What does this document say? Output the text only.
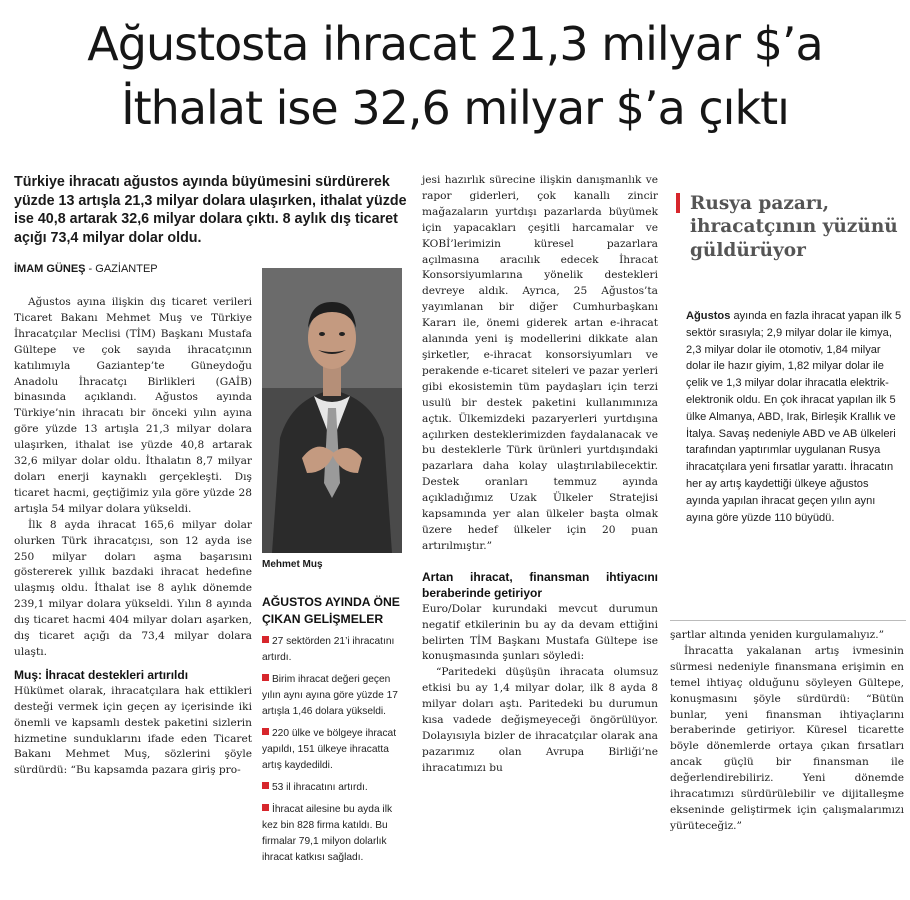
Ağustosta ihracat 21,3 milyar $’a
İthalat ise 32,6 milyar $’a çıktı

Türkiye ihracatı ağustos ayında büyümesini sürdürerek yüzde 13 artışla 21,3 milyar dolara ulaşırken, ithalat yüzde ise 40,8 artarak 32,6 milyar dolara çıktı. 8 aylık dış ticaret açığı 73,4 milyar dolar oldu.

İMAM GÜNEŞ - GAZİANTEP

Ağustos ayına ilişkin dış ticaret verileri Ticaret Bakanı Mehmet Muş ve Türkiye İhracatçılar Meclisi (TİM) Başkanı Mustafa Gültepe ve çok sayıda ihracatçının katılımıyla Gaziantep’te Güneydoğu Anadolu İhracatçı Birlikleri (GAİB) binasında açıklandı. Ağustos ayında Türkiye’nin ihracatı bir önceki yılın ayına göre yüzde 13 artışla 21,3 milyar dolara ulaşırken, ithalat ise yüzde 40,8 artarak 32,6 milyar dolar oldu. İthalatın 8,7 milyar doları enerji kaynaklı gerçekleşti. Dış ticaret hacmi, geçtiğimiz yıla göre yüzde 28 artışla 54 milyar dolara yükseldi.

İlk 8 ayda ihracat 165,6 milyar dolar olurken Türk ihracatçısı, son 12 ayda ise 250 milyar doları aşma başarısını göstererek yıllık bazdaki ihracat hedefine ulaşmış oldu. İthalat ise 8 aylık dönemde 239,1 milyar dolara yükseldi. Yılın 8 ayında dış ticaret hacmi 404 milyar doları aşarken, dış ticaret açığı da 73,4 milyar dolara ulaştı.

Muş: İhracat destekleri artırıldı

Hükümet olarak, ihracatçılara hak ettikleri desteği vermek için geçen ay içerisinde iki önemli ve kapsamlı destek paketini sizlerin hizmetine sunduklarını ifade eden Ticaret Bakanı Mehmet Muş, sözlerini şöyle sürdürdü: “Bu kapsamda pazara giriş pro-

Mehmet Muş
AĞUSTOS AYINDA ÖNE ÇIKAN GELİŞMELER
27 sektörden 21’i ihracatını artırdı.
Birim ihracat değeri geçen yılın aynı ayına göre yüzde 17 artışla 1,46 dolara yükseldi.
220 ülke ve bölgeye ihracat yapıldı, 151 ülkeye ihracatta artış kaydedildi.
53 il ihracatını artırdı.
İhracat ailesine bu ayda ilk kez bin 828 firma katıldı. Bu firmalar 79,1 milyon dolarlık ihracat katkısı sağladı.

jesi hazırlık sürecine ilişkin danışmanlık ve rapor giderleri, çok kanallı zincir mağazaların yurtdışı pazarlarda büyümek için yapacakları çeşitli harcamalar ve KOBİ’lerimizin küresel pazarlara açılmasına aracılık edecek İhracat Konsorsiyumlarına yönelik destekleri devreye aldık. Ayrıca, 25 Ağustos’ta yayımlanan bir diğer Cumhurbaşkanı Kararı ile, önemi giderek artan e-ihracat alanında yeni iş modellerini dikkate alan şirketler, e-ihracat konsorsiyumları ve perakende e-ticaret siteleri ve pazar yerleri gibi ekosistemin tüm paydaşları için terzi usulü bir destek paketini kullanımınıza açtık. Ülkemizdeki pazaryerleri yurtdışına açılırken desteklerimizden faydalanacak ve bu desteklerle Türk ürünleri yurtdışındaki pazarlara daha kolay ulaştırılabilecektir. Destek oranları temmuz ayında açıkladığımız Uzak Ülkeler Stratejisi kapsamında yer alan ülkeler başta olmak üzere hedef ülkeler için 20 puan artırılmıştır.”

Artan ihracat, finansman ihtiyacını beraberinde getiriyor

Euro/Dolar kurundaki mevcut durumun negatif etkilerinin bu ay da devam ettiğini belirten TİM Başkanı Mustafa Gültepe ise konuşmasında şunları söyledi:

“Paritedeki düşüşün ihracata olumsuz etkisi bu ay 1,4 milyar dolar, ilk 8 ayda 8 milyar doları aştı. Paritedeki bu durumun kısa vadede değişmeyeceği öngörülüyor. Dolayısıyla bizler de ihracatçılar olarak ana pazarımız olan Avrupa Birliği’ne ihracatımızı bu

Rusya pazarı, ihracatçının yüzünü güldürüyor

Ağustos ayında en fazla ihracat yapan ilk 5 sektör sırasıyla; 2,9 milyar dolar ile kimya, 2,3 milyar dolar ile otomotiv, 1,84 milyar dolar ile hazır giyim, 1,82 milyar dolar ile çelik ve 1,3 milyar dolar ihracatla elektrik-elektronik oldu. En çok ihracat yapılan ilk 5 ülke Almanya, ABD, Irak, Birleşik Krallık ve İtalya. Savaş nedeniyle ABD ve AB ülkeleri tarafından yaptırımlar uygulanan Rusya ihracatçılara yeni fırsatlar yarattı. İhracatın her ay artış kaydettiği ülkeye ağustos ayında yapılan ihracat geçen yılın aynı ayına göre yüzde 110 büyüdü.

şartlar altında yeniden kurgulamalıyız.”

İhracatta yakalanan artış ivmesinin sürmesi nedeniyle finansmana erişimin en temel ihtiyaç olduğunu söyleyen Gültepe, konuşmasını şöyle sürdürdü: “Bütün bunlar, yeni finansman ihtiyaçlarını beraberinde getiriyor. Küresel ticarette böyle dönemlerde ortaya çıkan fırsatları ancak güçlü bir finansman ile değerlendirebiliriz. Yeni dönemde ihracatımızı sürdürülebilir ve dijitalleşme ekseninde geliştirmek için çalışmalarımızı yürüteceğiz.”
